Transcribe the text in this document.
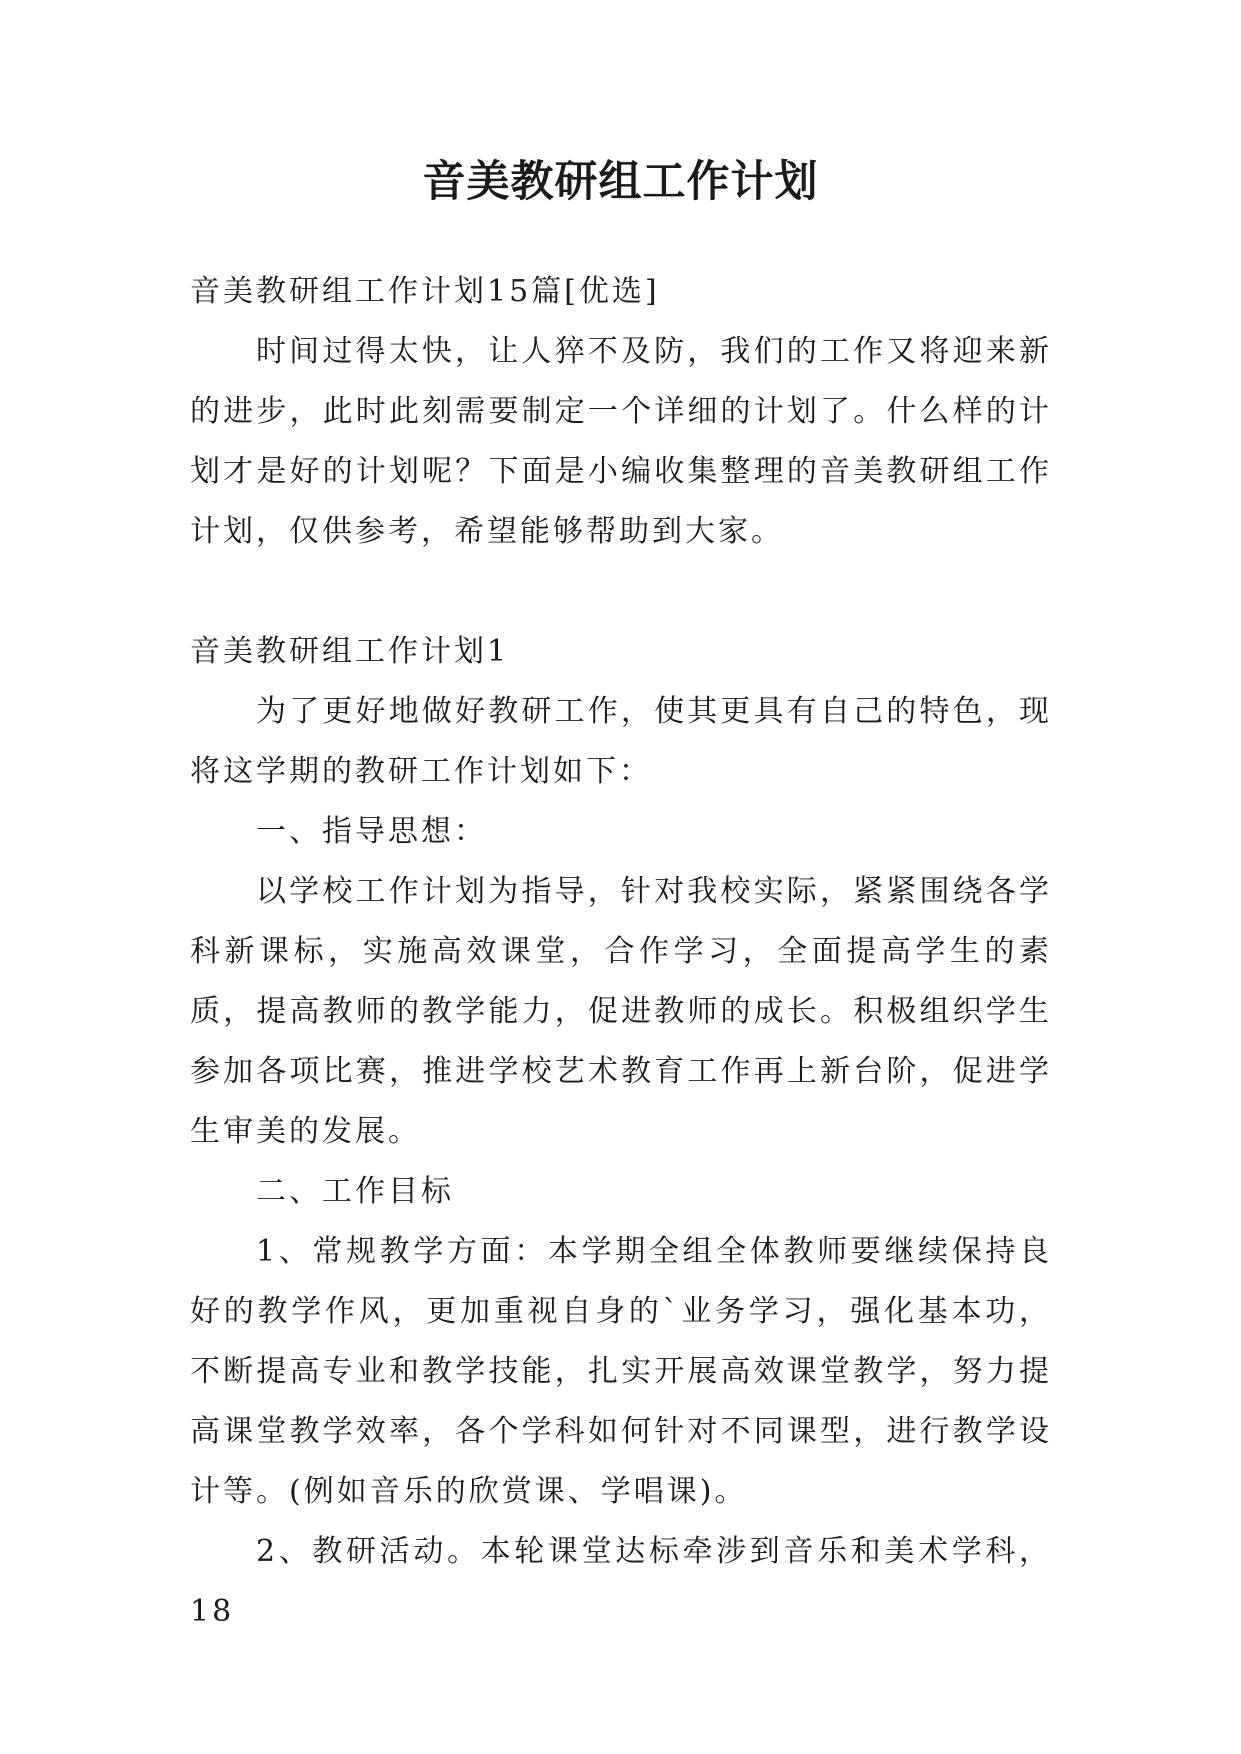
音美教研组工作计划

音美教研组工作计划15篇[优选]

时间过得太快，让人猝不及防，我们的工作又将迎来新的进步，此时此刻需要制定一个详细的计划了。什么样的计划才是好的计划呢？下面是小编收集整理的音美教研组工作计划，仅供参考，希望能够帮助到大家。

音美教研组工作计划1

为了更好地做好教研工作，使其更具有自己的特色，现将这学期的教研工作计划如下：

一、指导思想：

以学校工作计划为指导，针对我校实际，紧紧围绕各学科新课标，实施高效课堂，合作学习，全面提高学生的素质，提高教师的教学能力，促进教师的成长。积极组织学生参加各项比赛，推进学校艺术教育工作再上新台阶，促进学生审美的发展。

二、工作目标

1、常规教学方面：本学期全组全体教师要继续保持良好的教学作风，更加重视自身的`业务学习，强化基本功，不断提高专业和教学技能，扎实开展高效课堂教学，努力提高课堂教学效率，各个学科如何针对不同课型，进行教学设计等。(例如音乐的欣赏课、学唱课)。

2、教研活动。本轮课堂达标牵涉到音乐和美术学科，18
